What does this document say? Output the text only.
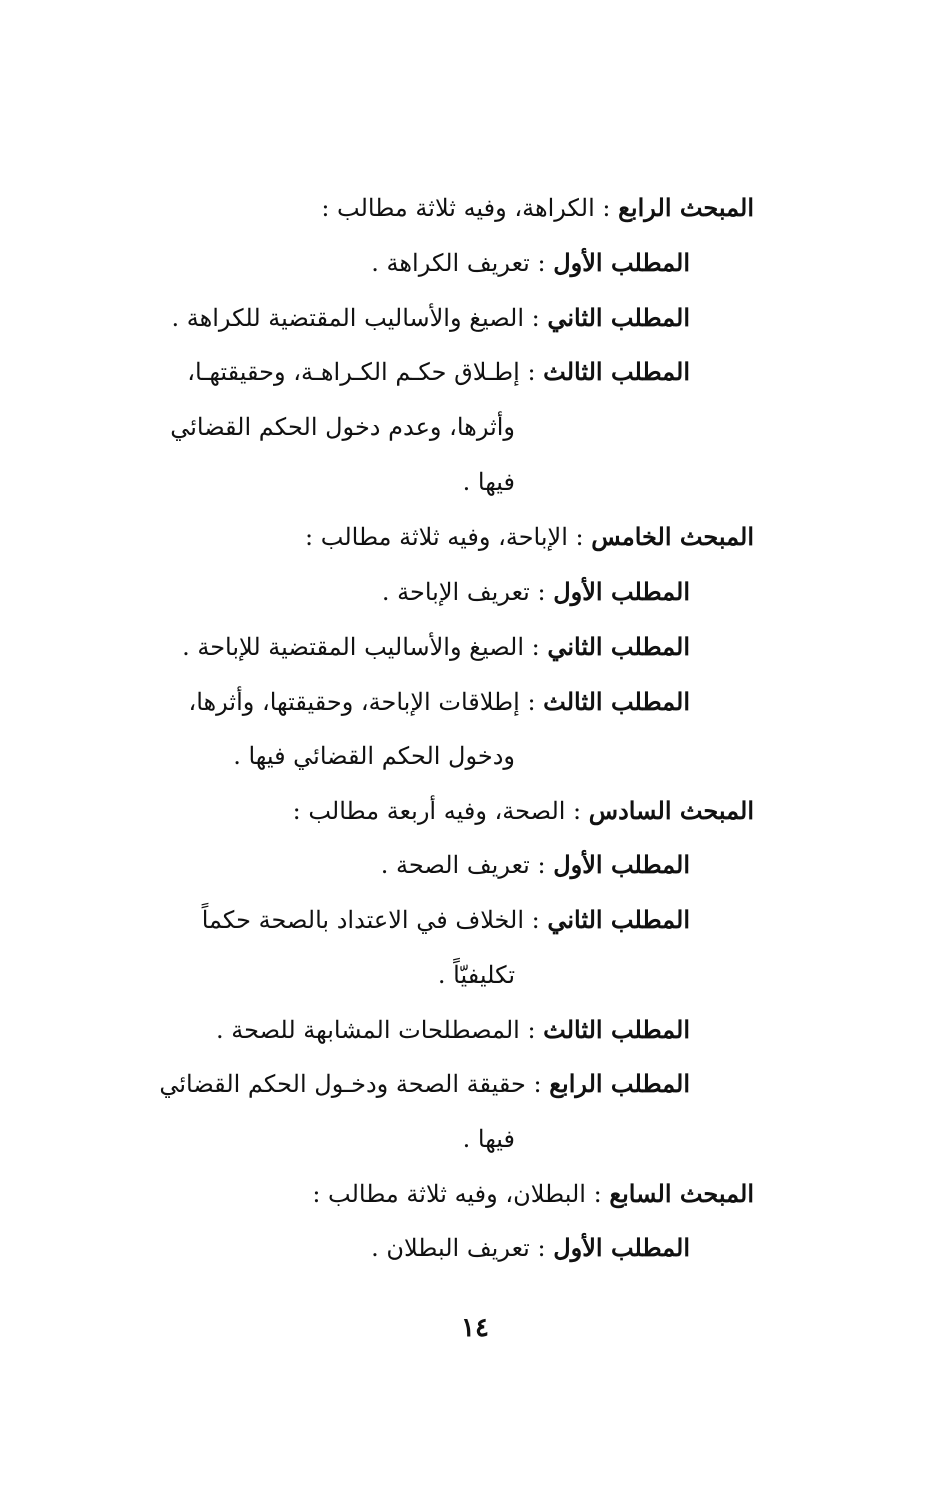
المبحث الرابع : الكراهة، وفيه ثلاثة مطالب :
المطلب الأول : تعريف الكراهة .
المطلب الثاني : الصيغ والأساليب المقتضية للكراهة .
المطلب الثالث : إطـلاق حكـم الكـراهـة، وحقيقتهـا،
وأثرها، وعدم دخول الحكم القضائي
فيها .
المبحث الخامس : الإباحة، وفيه ثلاثة مطالب :
المطلب الأول : تعريف الإباحة .
المطلب الثاني : الصيغ والأساليب المقتضية للإباحة .
المطلب الثالث : إطلاقات الإباحة، وحقيقتها، وأثرها،
ودخول الحكم القضائي فيها .
المبحث السادس : الصحة، وفيه أربعة مطالب :
المطلب الأول : تعريف الصحة .
المطلب الثاني : الخلاف في الاعتداد بالصحة حكماً
تكليفيّاً .
المطلب الثالث : المصطلحات المشابهة للصحة .
المطلب الرابع : حقيقة الصحة ودخـول الحكم القضائي
فيها .
المبحث السابع : البطلان، وفيه ثلاثة مطالب :
المطلب الأول : تعريف البطلان .
١٤
